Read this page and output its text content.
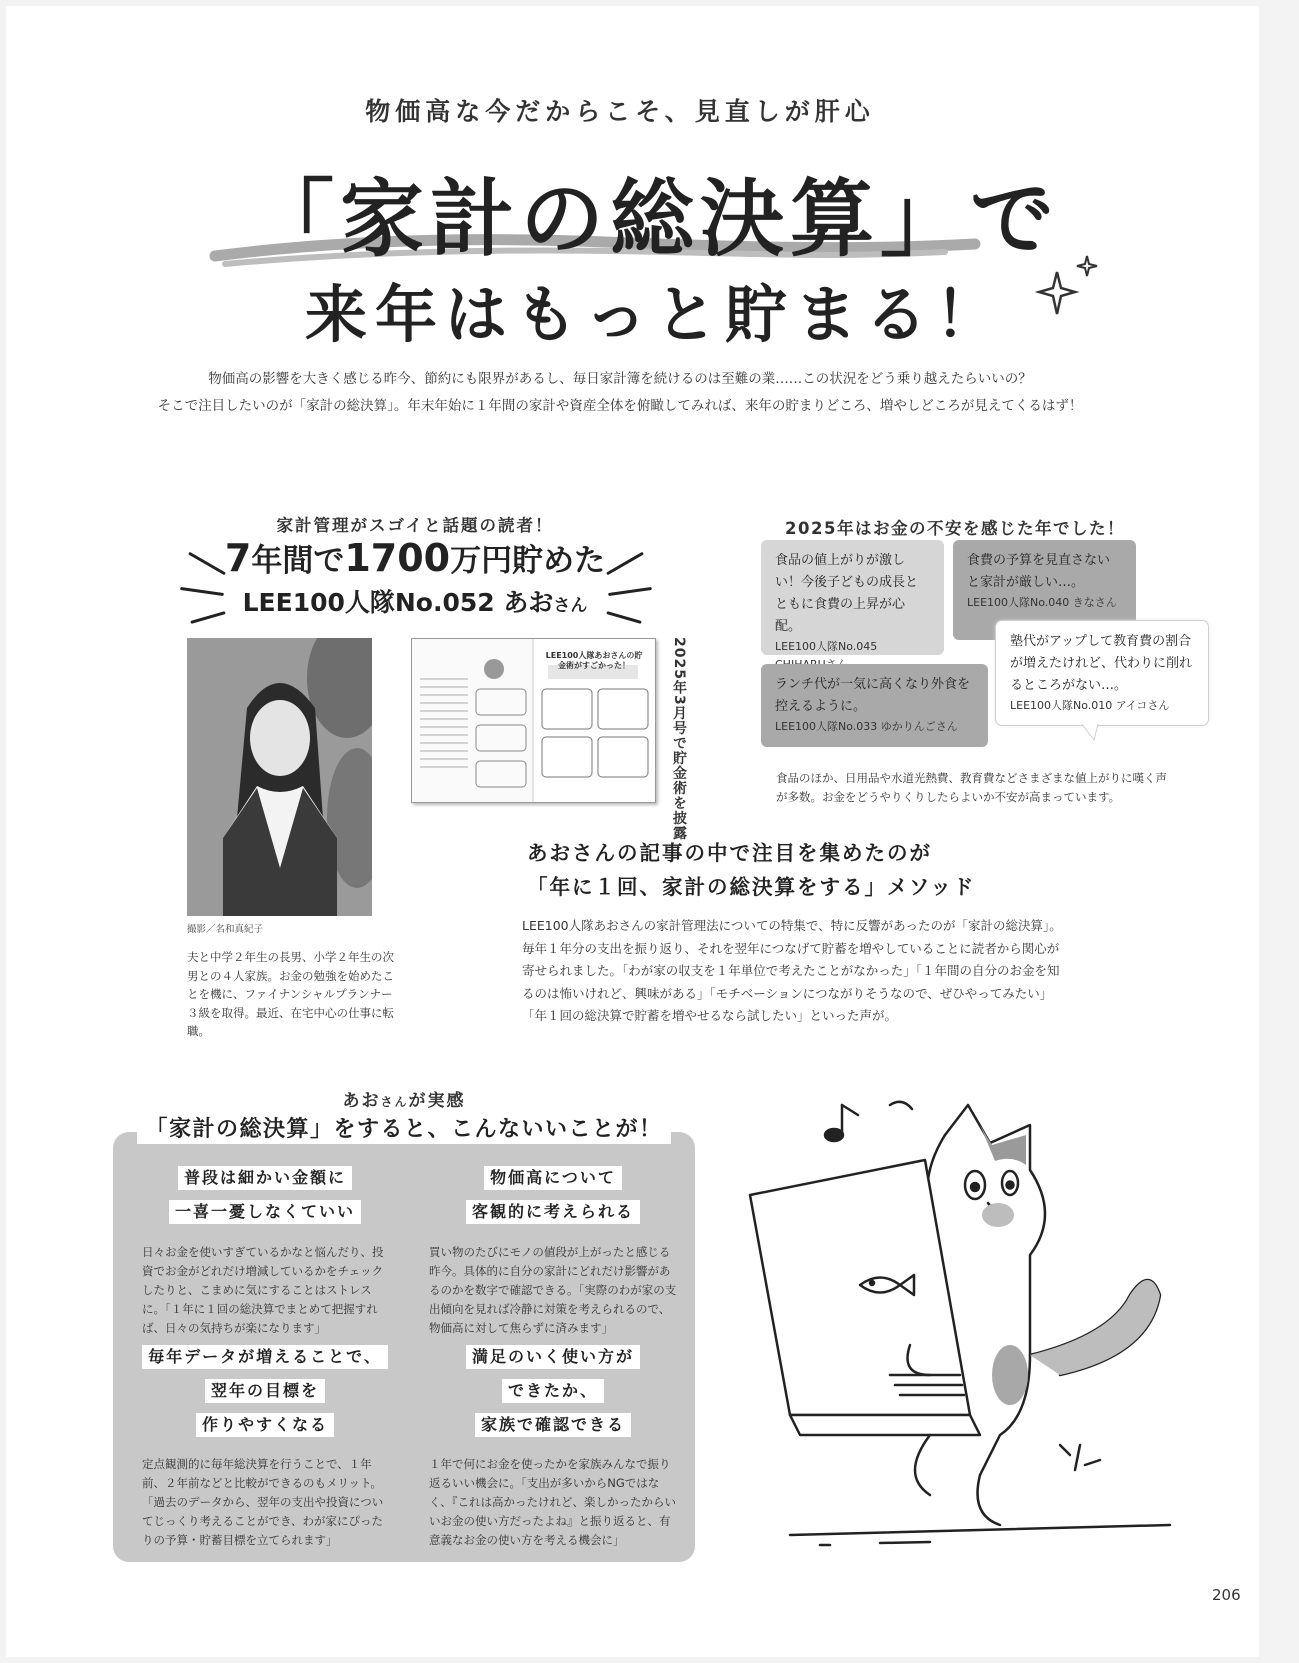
物価高な今だからこそ、見直しが肝心
「家計の総決算」で
来年はもっと貯まる！
物価高の影響を大きく感じる昨今、節約にも限界があるし、毎日家計簿を続けるのは至難の業……この状況をどう乗り越えたらいいの？
そこで注目したいのが「家計の総決算」。年末年始に１年間の家計や資産全体を俯瞰してみれば、来年の貯まりどころ、増やしどころが見えてくるはず！
家計管理がスゴイと話題の読者！
7年間で1700万円貯めた
LEE100人隊No.052 あおさん
撮影／名和真紀子
夫と中学２年生の長男、小学２年生の次男との４人家族。お金の勉強を始めたことを機に、ファイナンシャルプランナー３級を取得。最近、在宅中心の仕事に転職。
LEE100人隊あおさんの貯金術がすごかった！	2025年3月号で貯金術を披露
2025年はお金の不安を感じた年でした！
食品の値上がりが激しい！今後子どもの成長とともに食費の上昇が心配。
LEE100人隊No.045
食費の予算を見直さないと家計が厳しい…。
LEE100人隊No.040 きなさん
ランチ代が一気に高くなり外食を控えるように。
LEE100人隊No.033 ゆかりんごさん
塾代がアップして教育費の割合が増えたけれど、代わりに削れるところがない…。
LEE100人隊No.010 アイコさん
食品のほか、日用品や水道光熱費、教育費などさまざまな値上がりに嘆く声が多数。お金をどうやりくりしたらよいか不安が高まっています。
あおさんの記事の中で注目を集めたのが
「年に１回、家計の総決算をする」メソッド
LEE100人隊あおさんの家計管理法についての特集で、特に反響があったのが「家計の総決算」。毎年１年分の支出を振り返り、それを翌年につなげて貯蓄を増やしていることに読者から関心が寄せられました。「わが家の収支を１年単位で考えたことがなかった」「１年間の自分のお金を知るのは怖いけれど、興味がある」「モチベーションにつながりそうなので、ぜひやってみたい」「年１回の総決算で貯蓄を増やせるなら試したい」といった声が。
あおさんが実感
「家計の総決算」をすると、こんないいことが！
普段は細かい金額に
一喜一憂しなくていい
日々お金を使いすぎているかなと悩んだり、投資でお金がどれだけ増減しているかをチェックしたりと、こまめに気にすることはストレスに。「１年に１回の総決算でまとめて把握すれば、日々の気持ちが楽になります」
物価高について
客観的に考えられる
買い物のたびにモノの値段が上がったと感じる昨今。具体的に自分の家計にどれだけ影響があるのかを数字で確認できる。「実際のわが家の支出傾向を見れば冷静に対策を考えられるので、物価高に対して焦らずに済みます」
毎年データが増えることで、
翌年の目標を
作りやすくなる
定点観測的に毎年総決算を行うことで、１年前、２年前などと比較ができるのもメリット。「過去のデータから、翌年の支出や投資についてじっくり考えることができ、わが家にぴったりの予算・貯蓄目標を立てられます」
満足のいく使い方が
できたか、
家族で確認できる
１年で何にお金を使ったかを家族みんなで振り返るいい機会に。「支出が多いからNGではなく、『これは高かったけれど、楽しかったからいいお金の使い方だったよね』と振り返ると、有意義なお金の使い方を考える機会に」
206
